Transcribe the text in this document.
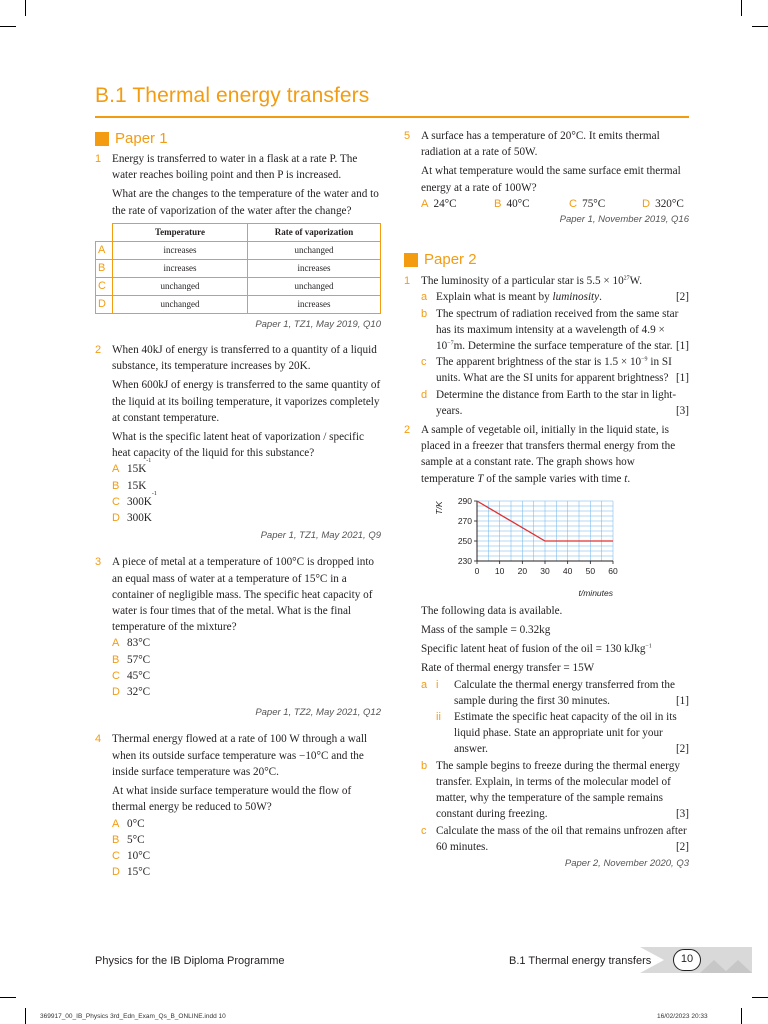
B.1 Thermal energy transfers
Paper 1
1 Energy is transferred to water in a flask at a rate P. The water reaches boiling point and then P is increased.

What are the changes to the temperature of the water and to the rate of vaporization of the water after the change?

	Temperature	Rate of vaporization
A	increases	unchanged
B	increases	increases
C	unchanged	unchanged
D	unchanged	increases
Paper 1, TZ1, May 2019, Q10
2 When 40kJ of energy is transferred to a quantity of a liquid substance, its temperature increases by 20K.

When 600kJ of energy is transferred to the same quantity of the liquid at its boiling temperature, it vaporizes completely at constant temperature.

What is the specific latent heat of vaporization / specific heat capacity of the liquid for this substance?

A 15K
-1
B 15K
C 300K
-1
D 300K
Paper 1, TZ1, May 2021, Q9
3 A piece of metal at a temperature of 100°C is dropped into an equal mass of water at a temperature of 15°C in a container of negligible mass. The specific heat capacity of water is four times that of the metal. What is the final temperature of the mixture?

A 83°C
B 57°C
C 45°C
D 32°C
Paper 1, TZ2, May 2021, Q12
4 Thermal energy flowed at a rate of 100 W through a wall when its outside surface temperature was −10°C and the inside surface temperature was 20°C.

At what inside surface temperature would the flow of thermal energy be reduced to 50W?

A 0°C
B 5°C
C 10°C
D 15°C
5 A surface has a temperature of 20°C. It emits thermal radiation at a rate of 50W.

At what temperature would the same surface emit thermal energy at a rate of 100W?

A 24°C	B 40°C	C 75°C	D 320°C
Paper 1, November 2019, Q16
Paper 2
1 The luminosity of a particular star is $5.5 \times 10^{27}W$.

a Explain what is meant by luminosity.	[2]
b The spectrum of radiation received from the same star has its maximum intensity at a wavelength of $4.9 \times 10^{-7}m$. Determine the surface temperature of the star. [1]
c The apparent brightness of the star is $1.5 \times 10^{-9}$ in SI units. What are the SI units for apparent brightness? [1]
d Determine the distance from Earth to the star in light-years.	[3]
2 A sample of vegetable oil, initially in the liquid state, is placed in a freezer that transfers thermal energy from the sample at a constant rate. The graph shows how temperature T of the sample varies with time t.

T/K
0 10 20 30 40 50 60
230
250
270
290
t/minutes

The following data is available.

Mass of the sample = 0.32kg

Specific latent heat of fusion of the oil = 130 kJkg$^{-1}$

Rate of thermal energy transfer = 15W

a i	Calculate the thermal energy transferred from the sample during the first 30 minutes.	[1]
ii	Estimate the specific heat capacity of the oil in its liquid phase. State an appropriate unit for your answer.	[2]
b The sample begins to freeze during the thermal energy transfer. Explain, in terms of the molecular model of matter, why the temperature of the sample remains constant during freezing.	[3]
c Calculate the mass of the oil that remains unfrozen after 60 minutes.	[2]
Paper 2, November 2020, Q3
Physics for the IB Diploma Programme	B.1 Thermal energy transfers	10
369917_00_IB_Physics 3rd_Edn_Exam_Qs_B_ONLINE.indd 10	16/02/2023 20:33
